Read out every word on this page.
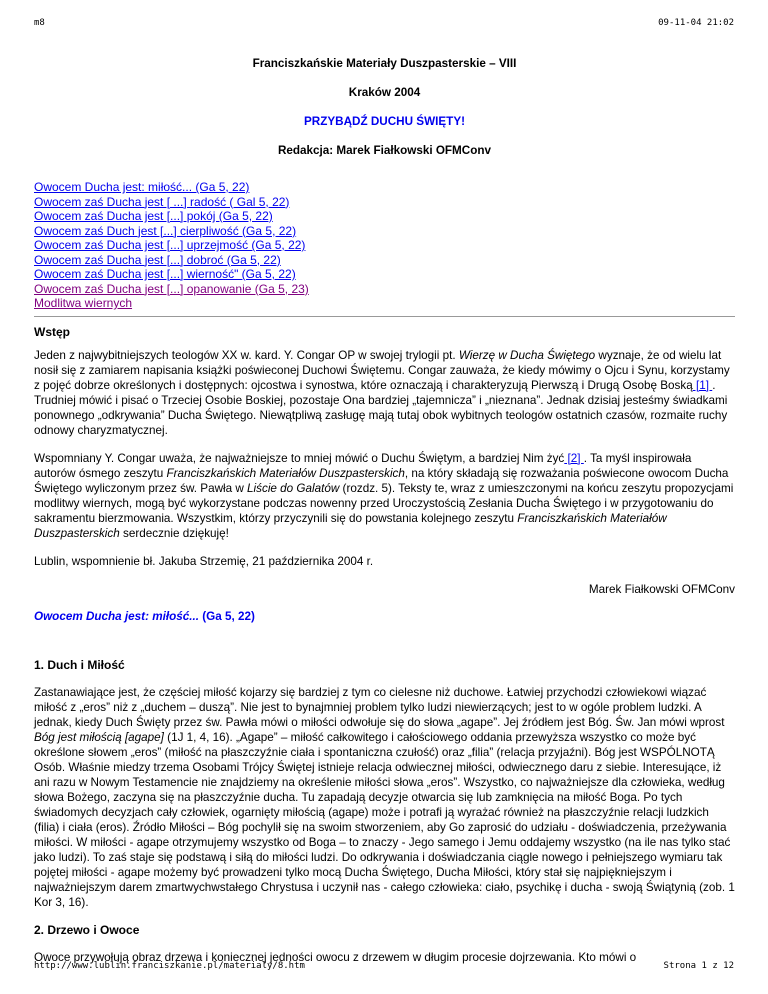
m8	09-11-04 21:02
Franciszkańskie Materiały Duszpasterskie – VIII
Kraków 2004
PRZYBĄDŹ DUCHU ŚWIĘTY!
Redakcja: Marek Fiałkowski OFMConv
Owocem Ducha jest: miłość... (Ga 5, 22)
Owocem zaś Ducha jest [ ...] radość ( Gal 5, 22)
Owocem zaś Ducha jest [...] pokój (Ga 5, 22)
Owocem zaś Duch jest [...] cierpliwość (Ga 5, 22)
Owocem zaś Ducha jest [...] uprzejmość (Ga 5, 22)
Owocem zaś Ducha jest [...] dobroć (Ga 5, 22)
Owocem zaś Ducha jest [...] wierność" (Ga 5, 22)
Owocem zaś Ducha jest [...] opanowanie (Ga 5, 23)
Modlitwa wiernych
Wstęp

Jeden z najwybitniejszych teologów XX w. kard. Y. Congar OP w swojej trylogii pt. Wierzę w Ducha Świętego wyznaje, że od wielu lat nosił się z zamiarem napisania książki poświeconej Duchowi Świętemu. Congar zauważa, że kiedy mówimy o Ojcu i Synu, korzystamy z pojęć dobrze określonych i dostępnych: ojcostwa i synostwa, które oznaczają i charakteryzują Pierwszą i Drugą Osobę Boską [1] . Trudniej mówić i pisać o Trzeciej Osobie Boskiej, pozostaje Ona bardziej „tajemnicza” i „nieznana”. Jednak dzisiaj jesteśmy świadkami ponownego „odkrywania” Ducha Świętego. Niewątpliwą zasługę mają tutaj obok wybitnych teologów ostatnich czasów, rozmaite ruchy odnowy charyzmatycznej.

Wspomniany Y. Congar uważa, że najważniejsze to mniej mówić o Duchu Świętym, a bardziej Nim żyć [2] . Ta myśl inspirowała autorów ósmego zeszytu Franciszkańskich Materiałów Duszpasterskich, na który składają się rozważania poświecone owocom Ducha Świętego wyliczonym przez św. Pawła w Liście do Galatów (rozdz. 5). Teksty te, wraz z umieszczonymi na końcu zeszytu propozycjami modlitwy wiernych, mogą być wykorzystane podczas nowenny przed Uroczystością Zesłania Ducha Świętego i w przygotowaniu do sakramentu bierzmowania. Wszystkim, którzy przyczynili się do powstania kolejnego zeszytu Franciszkańskich Materiałów Duszpasterskich serdecznie dziękuję!

Lublin, wspomnienie bł. Jakuba Strzemię, 21 października 2004 r.

Marek Fiałkowski OFMConv
Owocem Ducha jest: miłość... (Ga 5, 22)
1. Duch i Miłość

Zastanawiające jest, że częściej miłość kojarzy się bardziej z tym co cielesne niż duchowe. Łatwiej przychodzi człowiekowi wiązać miłość z „eros” niż z „duchem – duszą”. Nie jest to bynajmniej problem tylko ludzi niewierzących; jest to w ogóle problem ludzki. A jednak, kiedy Duch Święty przez św. Pawła mówi o miłości odwołuje się do słowa „agape”. Jej źródłem jest Bóg. Św. Jan mówi wprost Bóg jest miłością [agape] (1J 1, 4, 16). „Agape” – miłość całkowitego i całościowego oddania przewyższa wszystko co może być określone słowem „eros” (miłość na płaszczyźnie ciała i spontaniczna czułość) oraz „filia” (relacja przyjaźni). Bóg jest WSPÓLNOTĄ Osób. Właśnie miedzy trzema Osobami Trójcy Świętej istnieje relacja odwiecznej miłości, odwiecznego daru z siebie. Interesujące, iż ani razu w Nowym Testamencie nie znajdziemy na określenie miłości słowa „eros”. Wszystko, co najważniejsze dla człowieka, według słowa Bożego, zaczyna się na płaszczyźnie ducha. Tu zapadają decyzje otwarcia się lub zamknięcia na miłość Boga. Po tych świadomych decyzjach cały człowiek, ogarnięty miłością (agape) może i potrafi ją wyrażać również na płaszczyźnie relacji ludzkich (filia) i ciała (eros). Źródło Miłości – Bóg pochylił się na swoim stworzeniem, aby Go zaprosić do udziału - doświadczenia, przeżywania miłości. W miłości - agape otrzymujemy wszystko od Boga – to znaczy - Jego samego i Jemu oddajemy wszystko (na ile nas tylko stać jako ludzi). To zaś staje się podstawą i siłą do miłości ludzi. Do odkrywania i doświadczania ciągle nowego i pełniejszego wymiaru tak pojętej miłości - agape możemy być prowadzeni tylko mocą Ducha Świętego, Ducha Miłości, który stał się najpiękniejszym i najważniejszym darem zmartwychwstałego Chrystusa i uczynił nas - całego człowieka: ciało, psychikę i ducha - swoją Świątynią (zob. 1 Kor 3, 16).

2. Drzewo i Owoce

Owoce przywołują obraz drzewa i koniecznej jedności owocu z drzewem w długim procesie dojrzewania. Kto mówi o

http://www.lublin.franciszkanie.pl/materialy/8.htm	Strona 1 z 12
